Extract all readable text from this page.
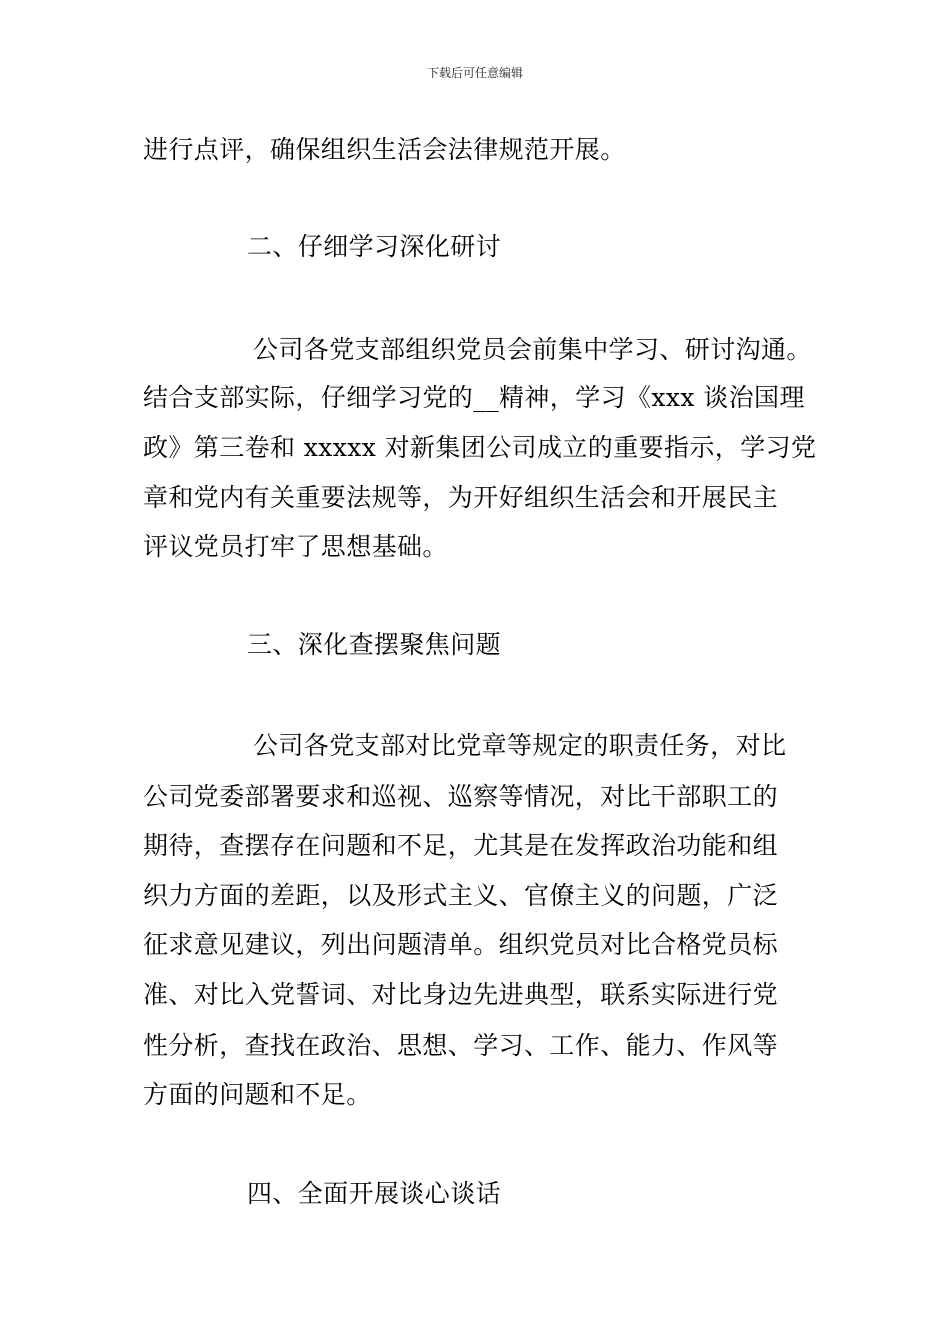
下载后可任意编辑
进行点评，确保组织生活会法律规范开展。
二、仔细学习深化研讨
公司各党支部组织党员会前集中学习、研讨沟通。
结合支部实际，仔细学习党的__精神，学习《xxx 谈治国理
政》第三卷和 xxxxx 对新集团公司成立的重要指示，学习党
章和党内有关重要法规等，为开好组织生活会和开展民主
评议党员打牢了思想基础。
三、深化查摆聚焦问题
公司各党支部对比党章等规定的职责任务，对比
公司党委部署要求和巡视、巡察等情况，对比干部职工的
期待，查摆存在问题和不足，尤其是在发挥政治功能和组
织力方面的差距，以及形式主义、官僚主义的问题，广泛
征求意见建议，列出问题清单。组织党员对比合格党员标
准、对比入党誓词、对比身边先进典型，联系实际进行党
性分析，查找在政治、思想、学习、工作、能力、作风等
方面的问题和不足。
四、全面开展谈心谈话
